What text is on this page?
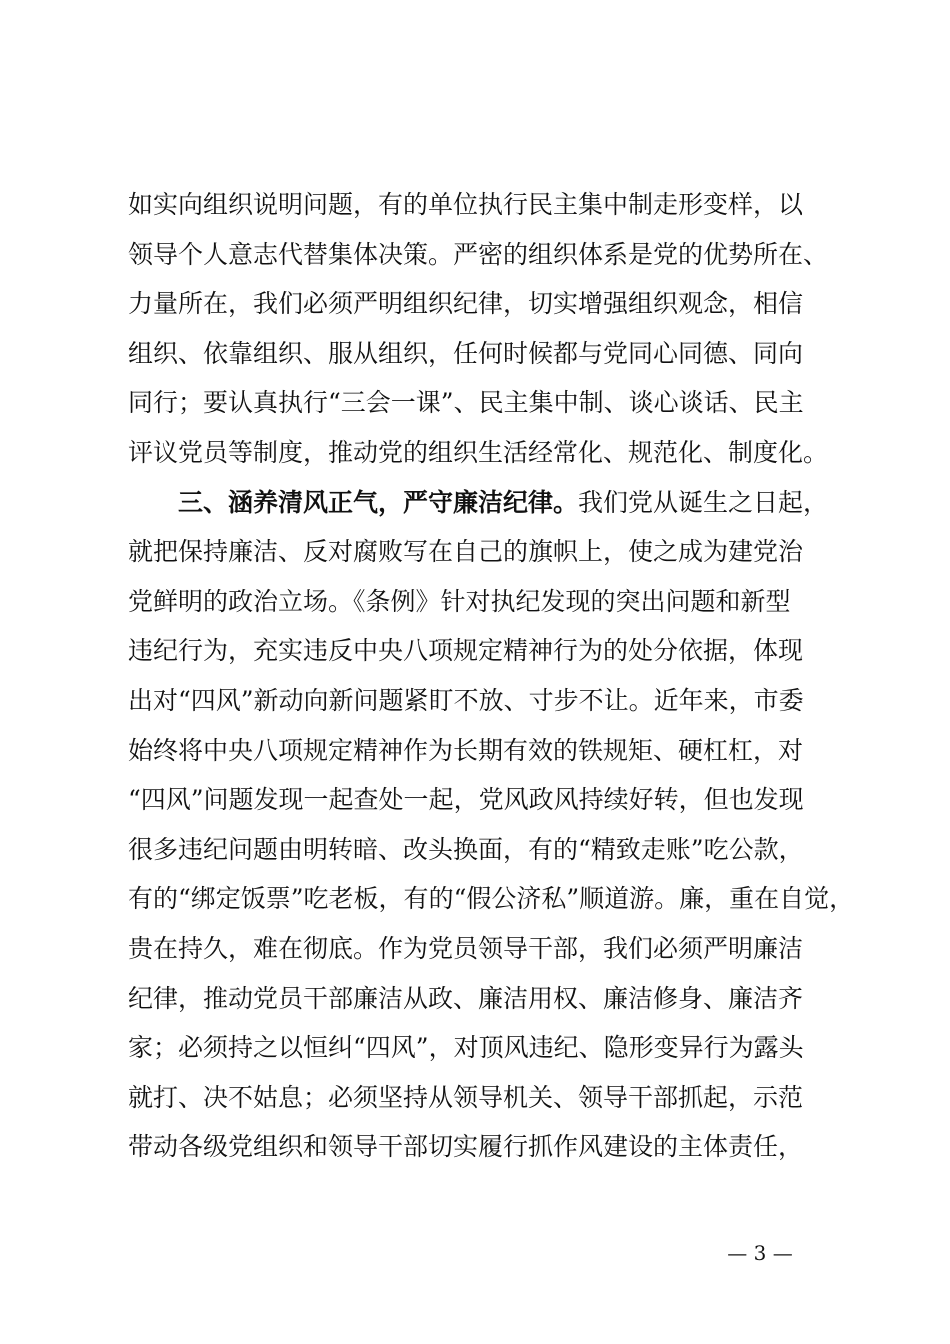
如实向组织说明问题，有的单位执行民主集中制走形变样，以
领导个人意志代替集体决策。严密的组织体系是党的优势所在、
力量所在，我们必须严明组织纪律，切实增强组织观念，相信
组织、依靠组织、服从组织，任何时候都与党同心同德、同向
同行；要认真执行“三会一课”、民主集中制、谈心谈话、民主
评议党员等制度，推动党的组织生活经常化、规范化、制度化。
三、涵养清风正气，严守廉洁纪律。我们党从诞生之日起，
就把保持廉洁、反对腐败写在自己的旗帜上，使之成为建党治
党鲜明的政治立场。《条例》针对执纪发现的突出问题和新型
违纪行为，充实违反中央八项规定精神行为的处分依据，体现
出对“四风”新动向新问题紧盯不放、寸步不让。近年来，市委
始终将中央八项规定精神作为长期有效的铁规矩、硬杠杠，对
“四风”问题发现一起查处一起，党风政风持续好转，但也发现
很多违纪问题由明转暗、改头换面，有的“精致走账”吃公款，
有的“绑定饭票”吃老板，有的“假公济私”顺道游。廉，重在自觉，
贵在持久，难在彻底。作为党员领导干部，我们必须严明廉洁
纪律，推动党员干部廉洁从政、廉洁用权、廉洁修身、廉洁齐
家；必须持之以恒纠“四风”，对顶风违纪、隐形变异行为露头
就打、决不姑息；必须坚持从领导机关、领导干部抓起，示范
带动各级党组织和领导干部切实履行抓作风建设的主体责任，
— 3 —
